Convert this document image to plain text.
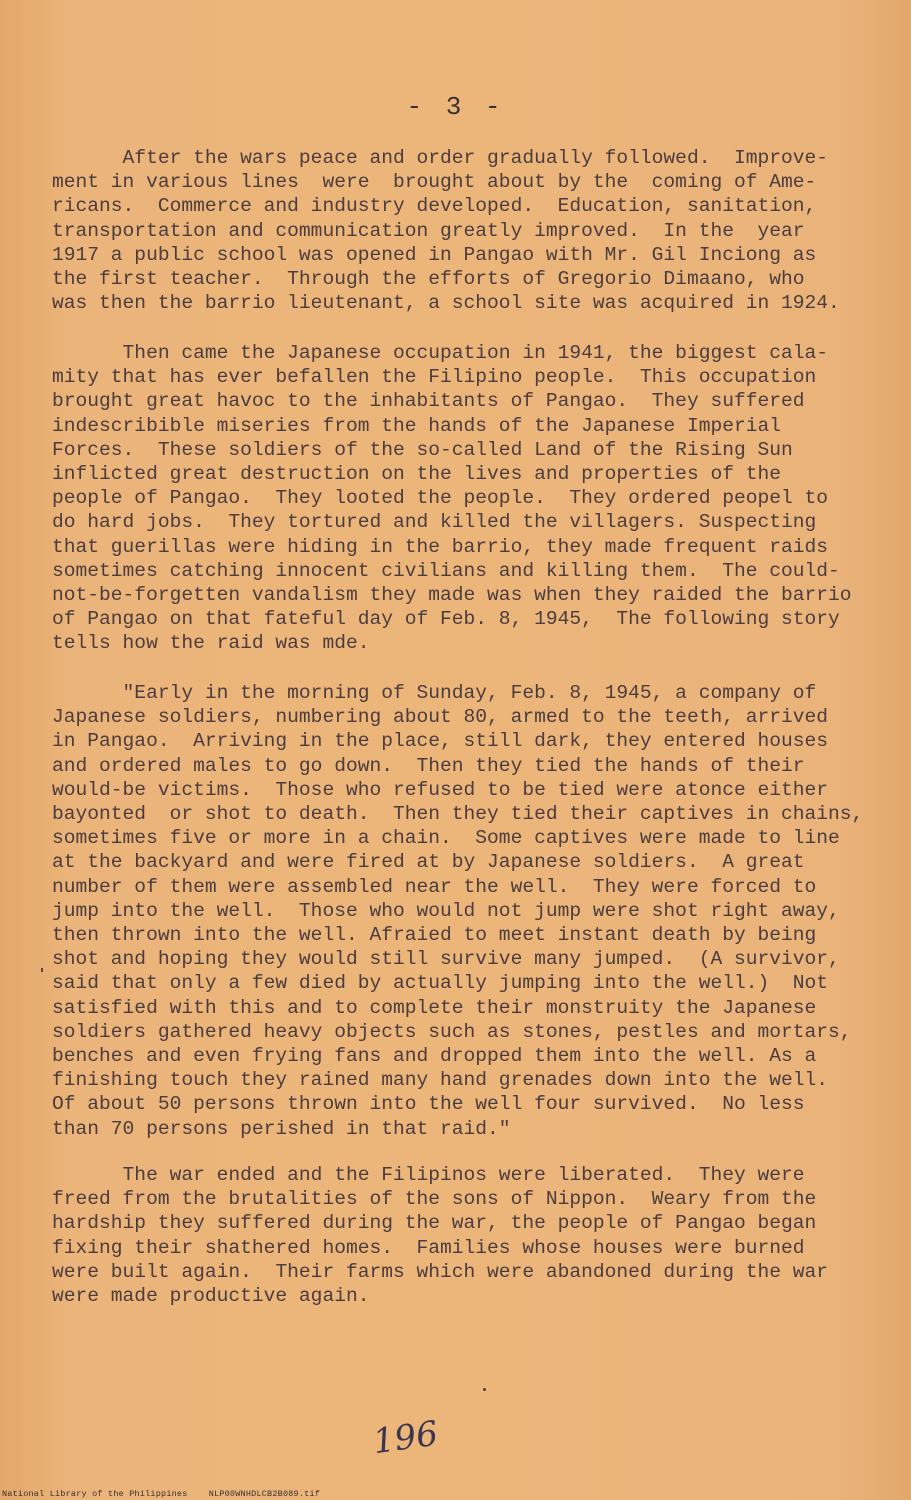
- 3 -

After the wars peace and order gradually followed.  Improve-
ment in various lines  were  brought about by the  coming of Ame-
ricans.  Commerce and industry developed.  Education, sanitation,
transportation and communication greatly improved.  In the  year
1917 a public school was opened in Pangao with Mr. Gil Inciong as
the first teacher.  Through the efforts of Gregorio Dimaano, who
was then the barrio lieutenant, a school site was acquired in 1924.

Then came the Japanese occupation in 1941, the biggest cala-
mity that has ever befallen the Filipino people.  This occupation
brought great havoc to the inhabitants of Pangao.  They suffered
indescribible miseries from the hands of the Japanese Imperial
Forces.  These soldiers of the so-called Land of the Rising Sun
inflicted great destruction on the lives and properties of the
people of Pangao.  They looted the people.  They ordered peopel to
do hard jobs.  They tortured and killed the villagers. Suspecting
that guerillas were hiding in the barrio, they made frequent raids
sometimes catching innocent civilians and killing them.  The could-
not-be-forgetten vandalism they made was when they raided the barrio
of Pangao on that fateful day of Feb. 8, 1945,  The following story
tells how the raid was mde.

"Early in the morning of Sunday, Feb. 8, 1945, a company of
Japanese soldiers, numbering about 80, armed to the teeth, arrived
in Pangao.  Arriving in the place, still dark, they entered houses
and ordered males to go down.  Then they tied the hands of their
would-be victims.  Those who refused to be tied were atonce either
bayonted  or shot to death.  Then they tied their captives in chains,
sometimes five or more in a chain.  Some captives were made to line
at the backyard and were fired at by Japanese soldiers.  A great
number of them were assembled near the well.  They were forced to
jump into the well.  Those who would not jump were shot right away,
then thrown into the well. Afraied to meet instant death by being
shot and hoping they would still survive many jumped.  (A survivor,
said that only a few died by actually jumping into the well.)  Not
satisfied with this and to complete their monstruity the Japanese
soldiers gathered heavy objects such as stones, pestles and mortars,
benches and even frying fans and dropped them into the well. As a
finishing touch they rained many hand grenades down into the well.
Of about 50 persons thrown into the well four survived.  No less
than 70 persons perished in that raid."

The war ended and the Filipinos were liberated.  They were
freed from the brutalities of the sons of Nippon.  Weary from the
hardship they suffered during the war, the people of Pangao began
fixing their shathered homes.  Families whose houses were burned
were built again.  Their farms which were abandoned during the war
were made productive again.

196
National Library of the Philippines    NLP00WNHDLCB2B089.tif
